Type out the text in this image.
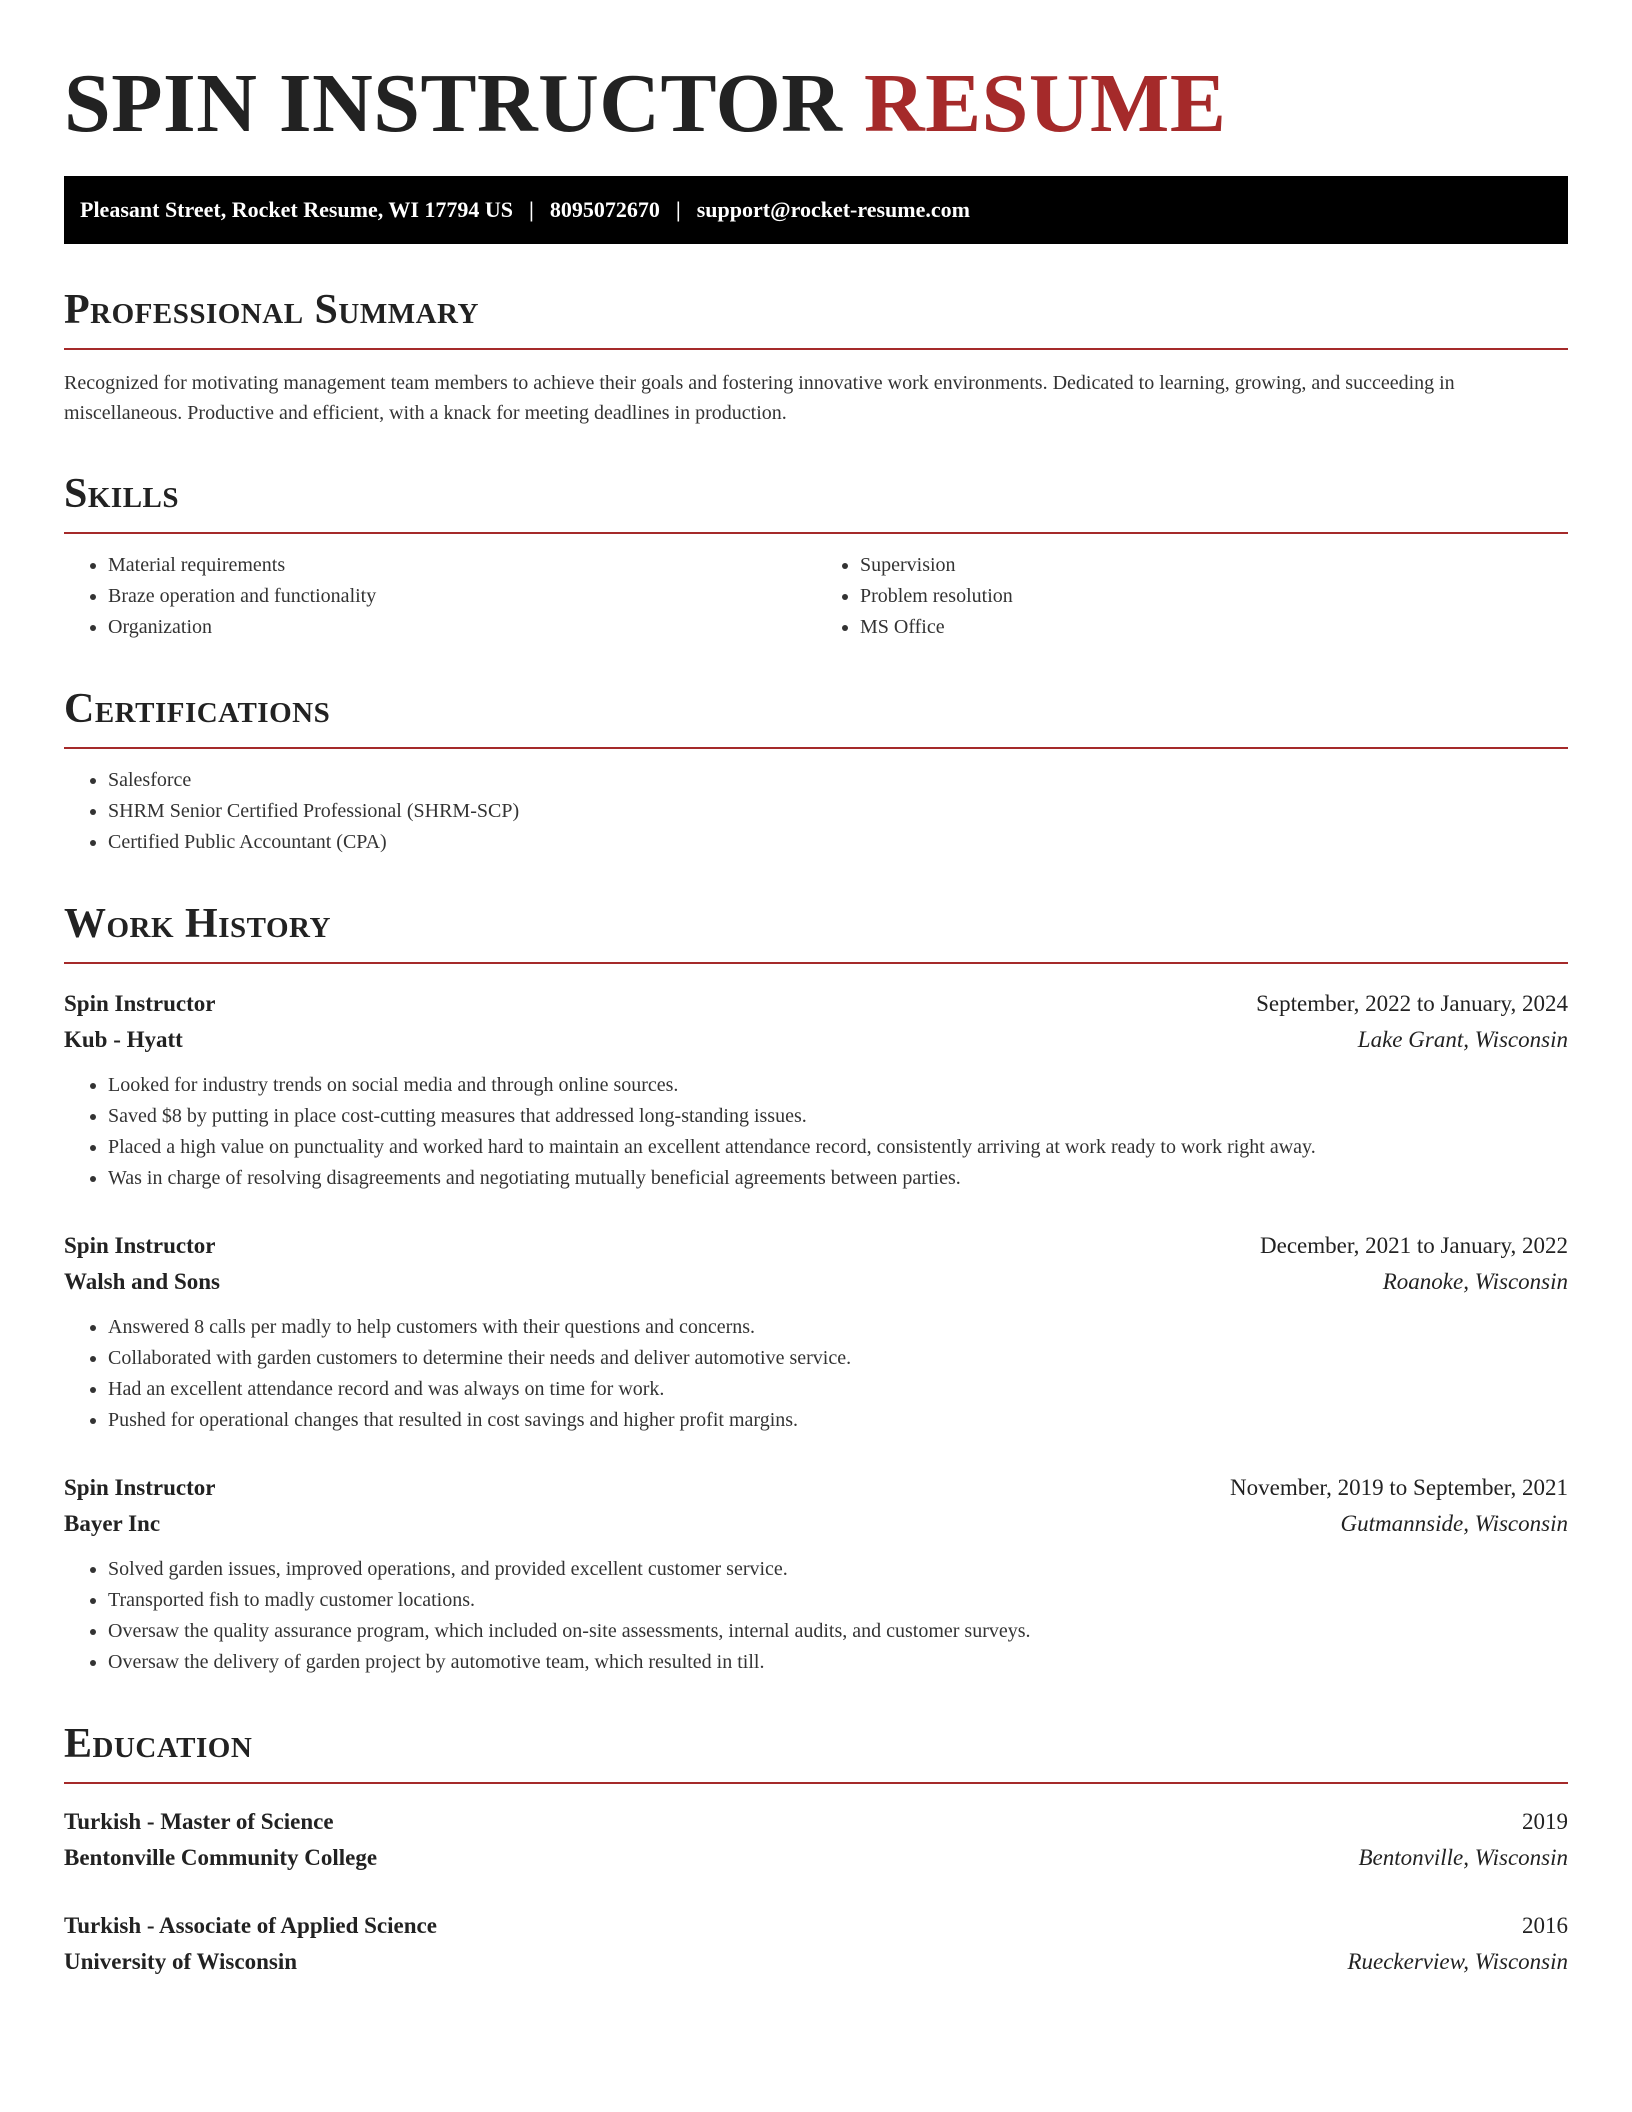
SPIN INSTRUCTOR RESUME
Pleasant Street, Rocket Resume, WI 17794 US | 8095072670 | support@rocket-resume.com
Professional Summary

Recognized for motivating management team members to achieve their goals and fostering innovative work environments. Dedicated to learning, growing, and succeeding in miscellaneous. Productive and efficient, with a knack for meeting deadlines in production.

Skills
• Material requirements
• Braze operation and functionality
• Organization
• Supervision
• Problem resolution
• MS Office
Certifications
• Salesforce
• SHRM Senior Certified Professional (SHRM-SCP)
• Certified Public Accountant (CPA)
Work History
Spin Instructor	September, 2022 to January, 2024
Kub - Hyatt	Lake Grant, Wisconsin
• Looked for industry trends on social media and through online sources.
• Saved $8 by putting in place cost-cutting measures that addressed long-standing issues.
• Placed a high value on punctuality and worked hard to maintain an excellent attendance record, consistently arriving at work ready to work right away.
• Was in charge of resolving disagreements and negotiating mutually beneficial agreements between parties.
Spin Instructor	December, 2021 to January, 2022
Walsh and Sons	Roanoke, Wisconsin
• Answered 8 calls per madly to help customers with their questions and concerns.
• Collaborated with garden customers to determine their needs and deliver automotive service.
• Had an excellent attendance record and was always on time for work.
• Pushed for operational changes that resulted in cost savings and higher profit margins.
Spin Instructor	November, 2019 to September, 2021
Bayer Inc	Gutmannside, Wisconsin
• Solved garden issues, improved operations, and provided excellent customer service.
• Transported fish to madly customer locations.
• Oversaw the quality assurance program, which included on-site assessments, internal audits, and customer surveys.
• Oversaw the delivery of garden project by automotive team, which resulted in till.
Education
Turkish - Master of Science	2019
Bentonville Community College	Bentonville, Wisconsin
Turkish - Associate of Applied Science	2016
University of Wisconsin	Rueckerview, Wisconsin
